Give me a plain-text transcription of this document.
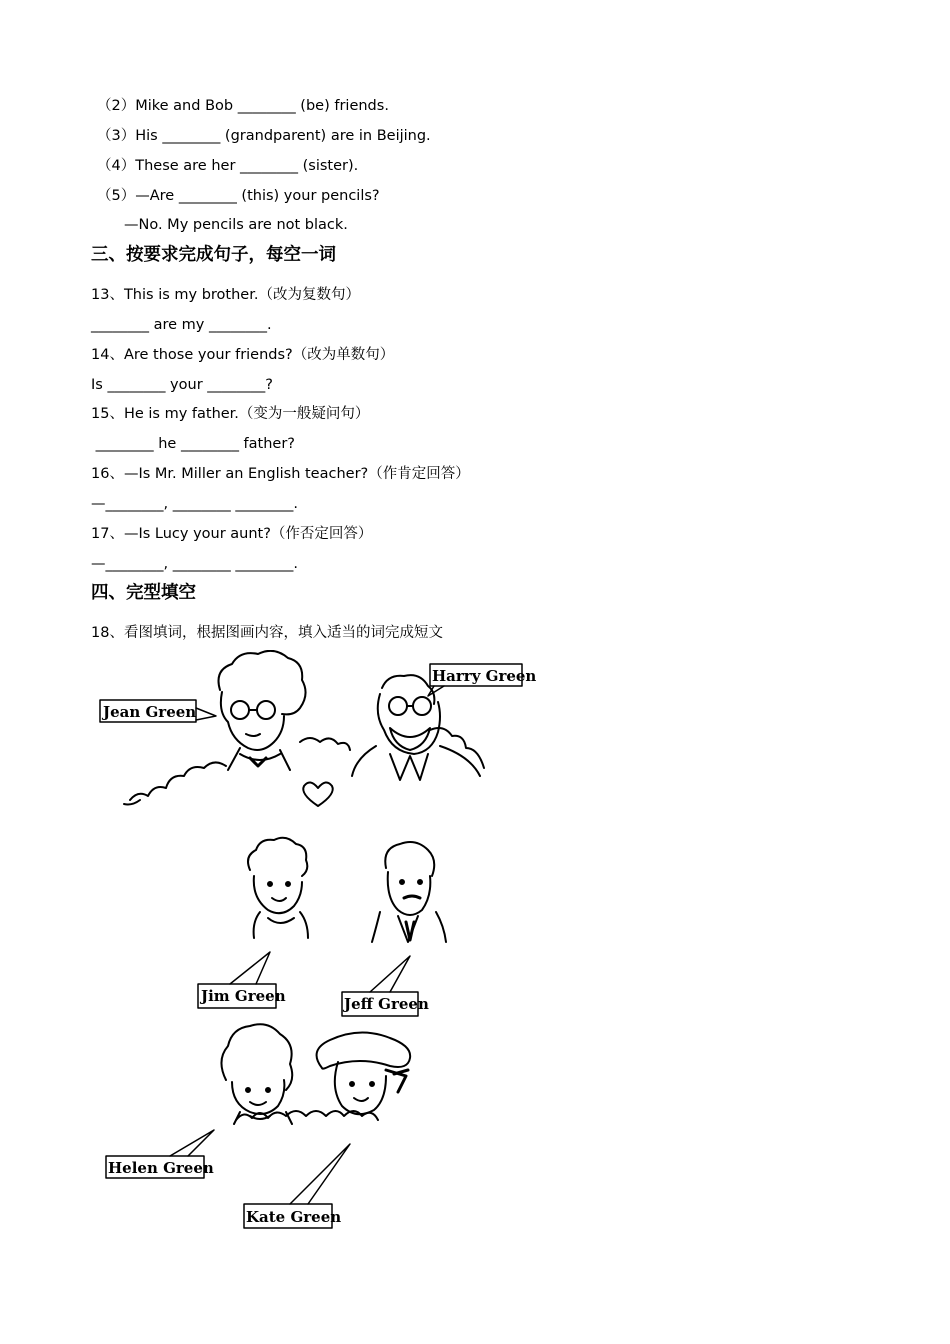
（2）Mike and Bob ________ (be) friends.
（3）His ________ (grandparent) are in Beijing.
（4）These are her ________ (sister).
（5）—Are ________ (this) your pencils?
—No. My pencils are not black.
三、按要求完成句子，每空一词
13、This is my brother.（改为复数句）
________ are my ________.
14、Are those your friends?（改为单数句）
Is ________ your ________?
15、He is my father.（变为一般疑问句）
________ he ________ father?
16、—Is Mr. Miller an English teacher?（作肯定回答）
—________, ________ ________.
17、—Is Lucy your aunt?（作否定回答）
—________, ________ ________.
四、完型填空
18、看图填词，根据图画内容，填入适当的词完成短文
Jean Green
Harry Green
Jim Green	Jeff Green
Helen Green
Kate Green
